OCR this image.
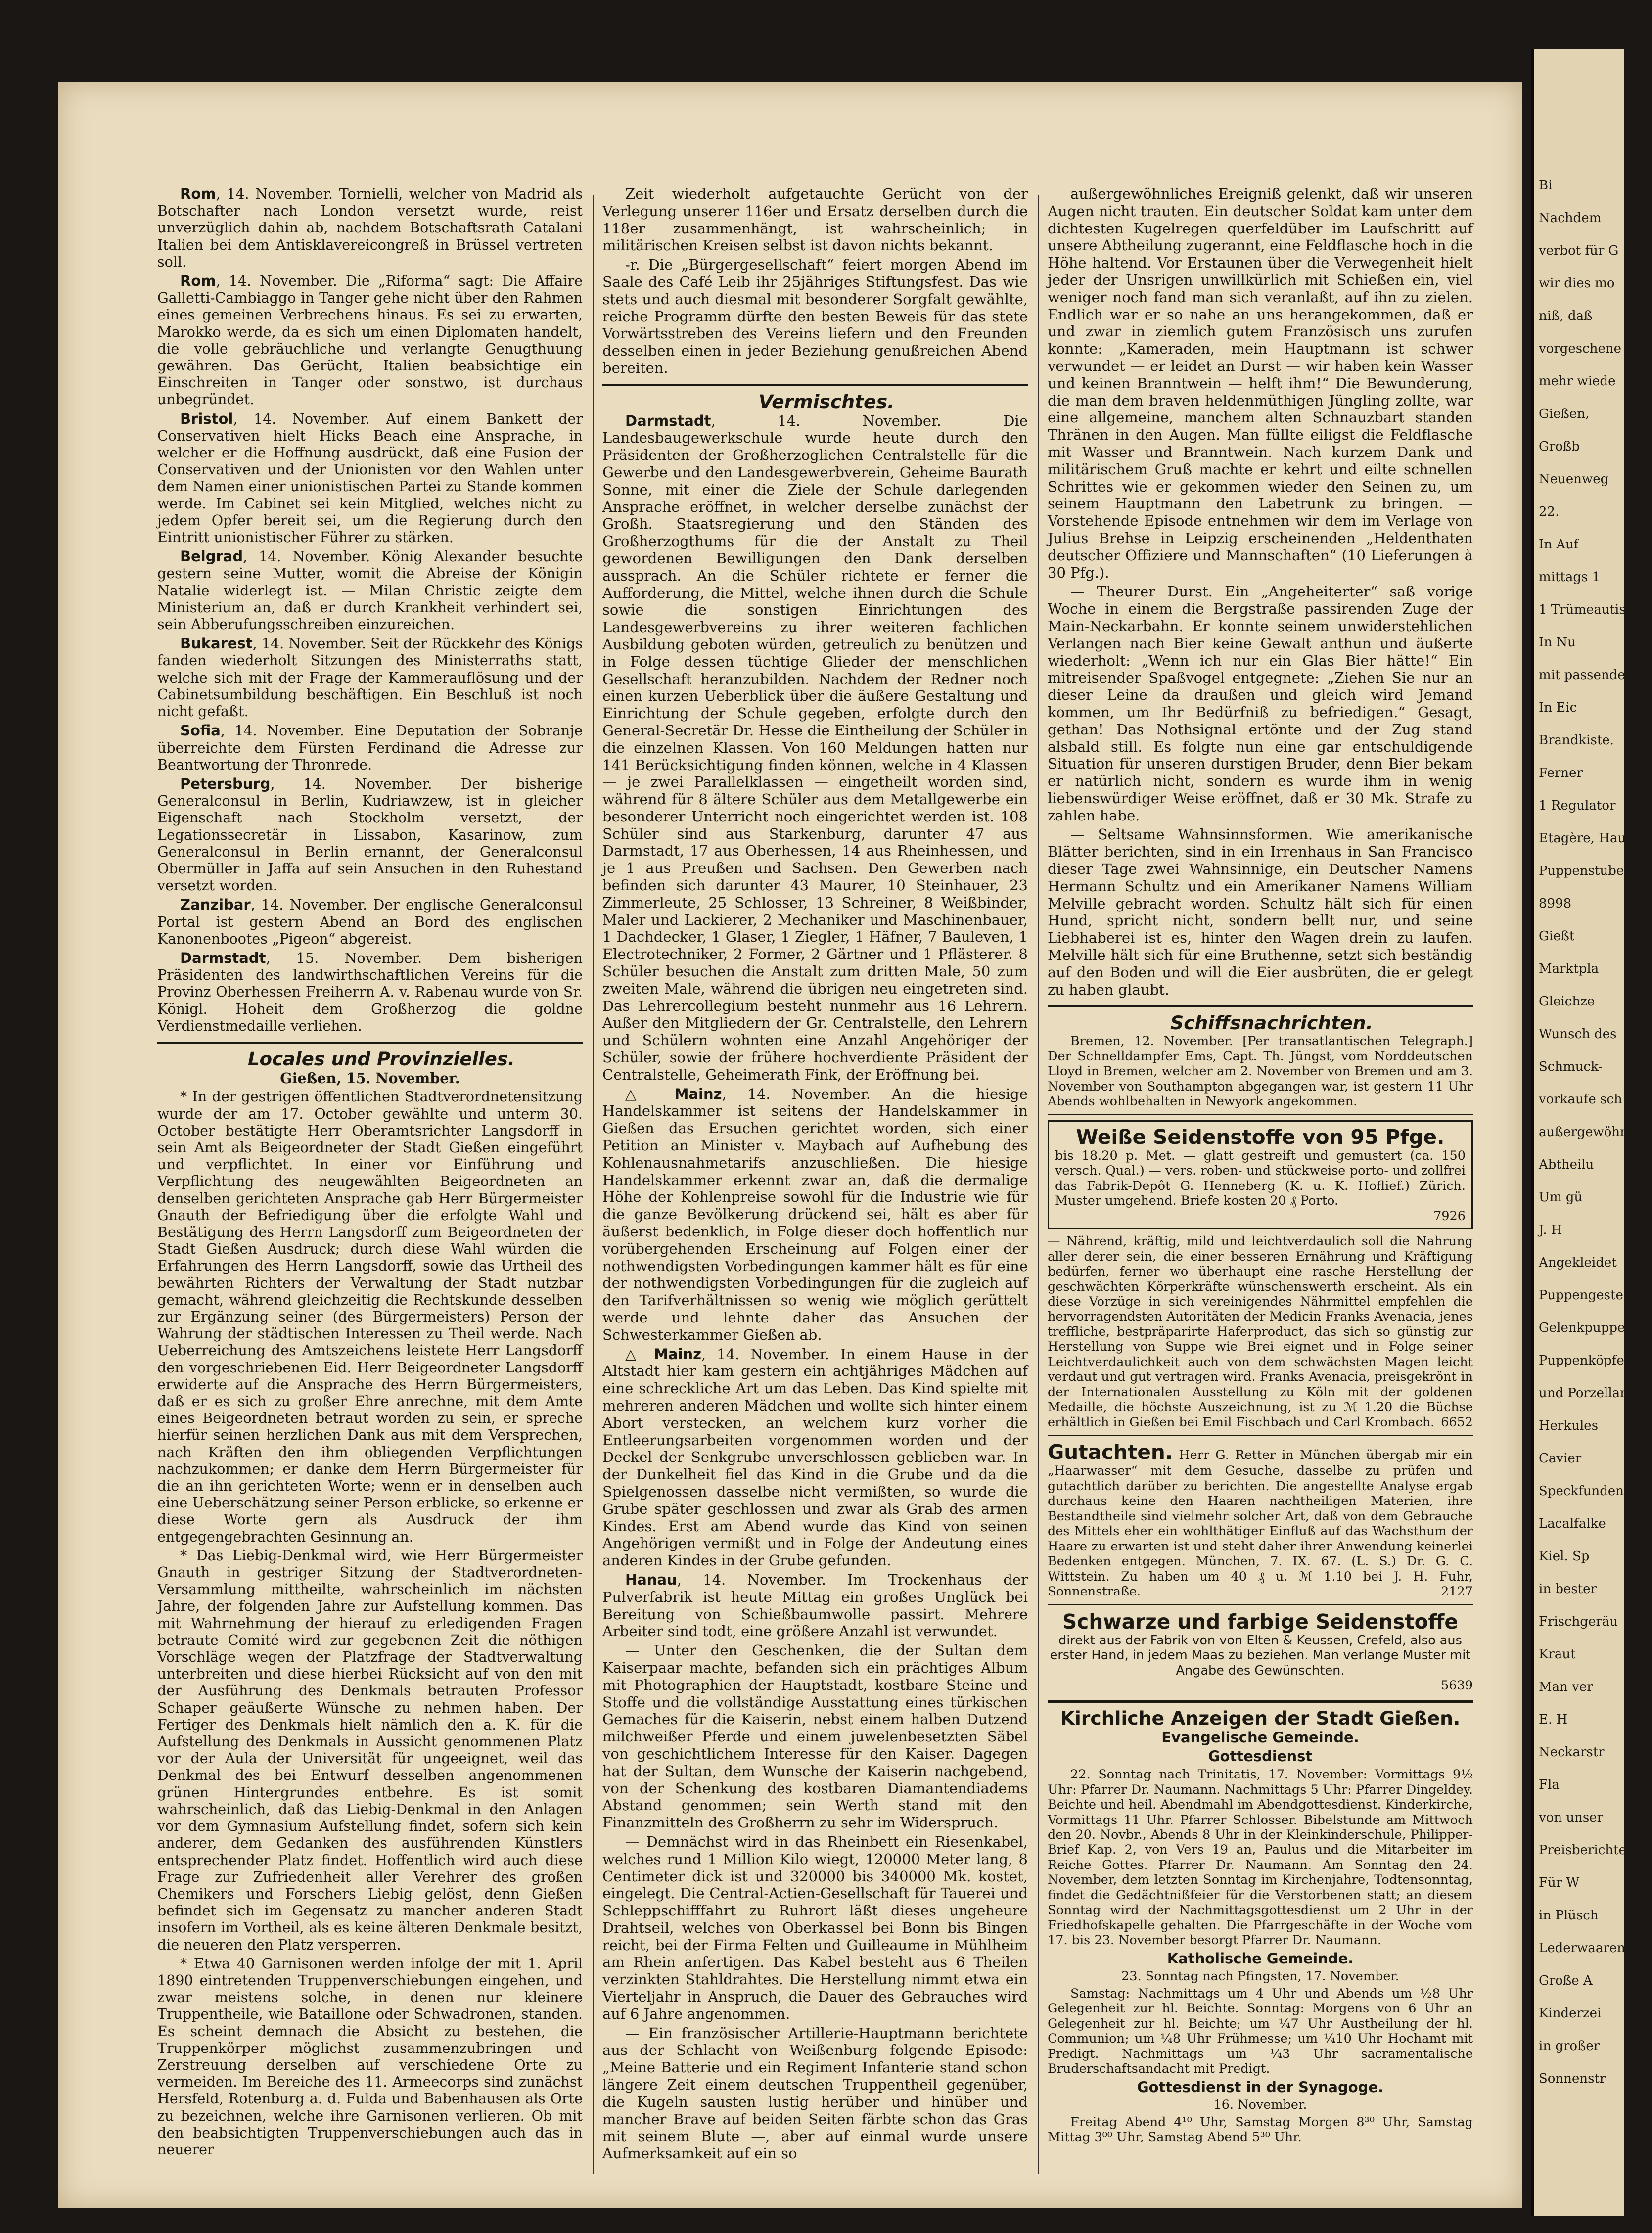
Rom, 14. November. Tornielli, welcher von Madrid als Botschafter nach London versetzt wurde, reist unverzüglich dahin ab, nachdem Botschaftsrath Catalani Italien bei dem Antisklavereicongreß in Brüssel vertreten soll.

Rom, 14. November. Die „Riforma“ sagt: Die Affaire Galletti-Cambiaggo in Tanger gehe nicht über den Rahmen eines gemeinen Verbrechens hinaus. Es sei zu erwarten, Marokko werde, da es sich um einen Diplomaten handelt, die volle gebräuchliche und verlangte Genugthuung gewähren. Das Gerücht, Italien beabsichtige ein Einschreiten in Tanger oder sonstwo, ist durchaus unbegründet.

Bristol, 14. November. Auf einem Bankett der Conservativen hielt Hicks Beach eine Ansprache, in welcher er die Hoffnung ausdrückt, daß eine Fusion der Conservativen und der Unionisten vor den Wahlen unter dem Namen einer unionistischen Partei zu Stande kommen werde. Im Cabinet sei kein Mitglied, welches nicht zu jedem Opfer bereit sei, um die Regierung durch den Eintritt unionistischer Führer zu stärken.

Belgrad, 14. November. König Alexander besuchte gestern seine Mutter, womit die Abreise der Königin Natalie widerlegt ist. — Milan Christic zeigte dem Ministerium an, daß er durch Krankheit verhindert sei, sein Abberufungsschreiben einzureichen.

Bukarest, 14. November. Seit der Rückkehr des Königs fanden wiederholt Sitzungen des Ministerraths statt, welche sich mit der Frage der Kammerauflösung und der Cabinetsumbildung beschäftigen. Ein Beschluß ist noch nicht gefaßt.

Sofia, 14. November. Eine Deputation der Sobranje überreichte dem Fürsten Ferdinand die Adresse zur Beantwortung der Thronrede.

Petersburg, 14. November. Der bisherige Generalconsul in Berlin, Kudriawzew, ist in gleicher Eigenschaft nach Stockholm versetzt, der Legationssecretär in Lissabon, Kasarinow, zum Generalconsul in Berlin ernannt, der Generalconsul Obermüller in Jaffa auf sein Ansuchen in den Ruhestand versetzt worden.

Zanzibar, 14. November. Der englische Generalconsul Portal ist gestern Abend an Bord des englischen Kanonenbootes „Pigeon“ abgereist.

Darmstadt, 15. November. Dem bisherigen Präsidenten des landwirthschaftlichen Vereins für die Provinz Oberhessen Freiherrn A. v. Rabenau wurde von Sr. Königl. Hoheit dem Großherzog die goldne Verdienstmedaille verliehen.

Locales und Provinzielles.

Gießen, 15. November.

* In der gestrigen öffentlichen Stadtverordnetensitzung wurde der am 17. October gewählte und unterm 30. October bestätigte Herr Oberamtsrichter Langsdorff in sein Amt als Beigeordneter der Stadt Gießen eingeführt und verpflichtet. In einer vor Einführung und Verpflichtung des neugewählten Beigeordneten an denselben gerichteten Ansprache gab Herr Bürgermeister Gnauth der Befriedigung über die erfolgte Wahl und Bestätigung des Herrn Langsdorff zum Beigeordneten der Stadt Gießen Ausdruck; durch diese Wahl würden die Erfahrungen des Herrn Langsdorff, sowie das Urtheil des bewährten Richters der Verwaltung der Stadt nutzbar gemacht, während gleichzeitig die Rechtskunde desselben zur Ergänzung seiner (des Bürgermeisters) Person der Wahrung der städtischen Interessen zu Theil werde. Nach Ueberreichung des Amtszeichens leistete Herr Langsdorff den vorgeschriebenen Eid. Herr Beigeordneter Langsdorff erwiderte auf die Ansprache des Herrn Bürgermeisters, daß er es sich zu großer Ehre anrechne, mit dem Amte eines Beigeordneten betraut worden zu sein, er spreche hierfür seinen herzlichen Dank aus mit dem Versprechen, nach Kräften den ihm obliegenden Verpflichtungen nachzukommen; er danke dem Herrn Bürgermeister für die an ihn gerichteten Worte; wenn er in denselben auch eine Ueberschätzung seiner Person erblicke, so erkenne er diese Worte gern als Ausdruck der ihm entgegengebrachten Gesinnung an.

* Das Liebig-Denkmal wird, wie Herr Bürgermeister Gnauth in gestriger Sitzung der Stadtverordneten-Versammlung mittheilte, wahrscheinlich im nächsten Jahre, der folgenden Jahre zur Aufstellung kommen. Das mit Wahrnehmung der hierauf zu erledigenden Fragen betraute Comité wird zur gegebenen Zeit die nöthigen Vorschläge wegen der Platzfrage der Stadtverwaltung unterbreiten und diese hierbei Rücksicht auf von den mit der Ausführung des Denkmals betrauten Professor Schaper geäußerte Wünsche zu nehmen haben. Der Fertiger des Denkmals hielt nämlich den a. K. für die Aufstellung des Denkmals in Aussicht genommenen Platz vor der Aula der Universität für ungeeignet, weil das Denkmal des bei Entwurf desselben angenommenen grünen Hintergrundes entbehre. Es ist somit wahrscheinlich, daß das Liebig-Denkmal in den Anlagen vor dem Gymnasium Aufstellung findet, sofern sich kein anderer, dem Gedanken des ausführenden Künstlers entsprechender Platz findet. Hoffentlich wird auch diese Frage zur Zufriedenheit aller Verehrer des großen Chemikers und Forschers Liebig gelöst, denn Gießen befindet sich im Gegensatz zu mancher anderen Stadt insofern im Vortheil, als es keine älteren Denkmale besitzt, die neueren den Platz versperren.

* Etwa 40 Garnisonen werden infolge der mit 1. April 1890 eintretenden Truppenverschiebungen eingehen, und zwar meistens solche, in denen nur kleinere Truppentheile, wie Bataillone oder Schwadronen, standen. Es scheint demnach die Absicht zu bestehen, die Truppenkörper möglichst zusammenzubringen und Zerstreuung derselben auf verschiedene Orte zu vermeiden. Im Bereiche des 11. Armeecorps sind zunächst Hersfeld, Rotenburg a. d. Fulda und Babenhausen als Orte zu bezeichnen, welche ihre Garnisonen verlieren. Ob mit den beabsichtigten Truppenverschiebungen auch das in neuerer

Zeit wiederholt aufgetauchte Gerücht von der Verlegung unserer 116er und Ersatz derselben durch die 118er zusammenhängt, ist wahrscheinlich; in militärischen Kreisen selbst ist davon nichts bekannt.

-r. Die „Bürgergesellschaft“ feiert morgen Abend im Saale des Café Leib ihr 25jähriges Stiftungsfest. Das wie stets und auch diesmal mit besonderer Sorgfalt gewählte, reiche Programm dürfte den besten Beweis für das stete Vorwärtsstreben des Vereins liefern und den Freunden desselben einen in jeder Beziehung genußreichen Abend bereiten.

Vermischtes.

Darmstadt, 14. November. Die Landesbaugewerkschule wurde heute durch den Präsidenten der Großherzoglichen Centralstelle für die Gewerbe und den Landesgewerbverein, Geheime Baurath Sonne, mit einer die Ziele der Schule darlegenden Ansprache eröffnet, in welcher derselbe zunächst der Großh. Staatsregierung und den Ständen des Großherzogthums für die der Anstalt zu Theil gewordenen Bewilligungen den Dank derselben aussprach. An die Schüler richtete er ferner die Aufforderung, die Mittel, welche ihnen durch die Schule sowie die sonstigen Einrichtungen des Landesgewerbvereins zu ihrer weiteren fachlichen Ausbildung geboten würden, getreulich zu benützen und in Folge dessen tüchtige Glieder der menschlichen Gesellschaft heranzubilden. Nachdem der Redner noch einen kurzen Ueberblick über die äußere Gestaltung und Einrichtung der Schule gegeben, erfolgte durch den General-Secretär Dr. Hesse die Eintheilung der Schüler in die einzelnen Klassen. Von 160 Meldungen hatten nur 141 Berücksichtigung finden können, welche in 4 Klassen — je zwei Parallelklassen — eingetheilt worden sind, während für 8 ältere Schüler aus dem Metallgewerbe ein besonderer Unterricht noch eingerichtet werden ist. 108 Schüler sind aus Starkenburg, darunter 47 aus Darmstadt, 17 aus Oberhessen, 14 aus Rheinhessen, und je 1 aus Preußen und Sachsen. Den Gewerben nach befinden sich darunter 43 Maurer, 10 Steinhauer, 23 Zimmerleute, 25 Schlosser, 13 Schreiner, 8 Weißbinder, Maler und Lackierer, 2 Mechaniker und Maschinenbauer, 1 Dachdecker, 1 Glaser, 1 Ziegler, 1 Häfner, 7 Bauleven, 1 Electrotechniker, 2 Former, 2 Gärtner und 1 Pflästerer. 8 Schüler besuchen die Anstalt zum dritten Male, 50 zum zweiten Male, während die übrigen neu eingetreten sind. Das Lehrercollegium besteht nunmehr aus 16 Lehrern. Außer den Mitgliedern der Gr. Centralstelle, den Lehrern und Schülern wohnten eine Anzahl Angehöriger der Schüler, sowie der frühere hochverdiente Präsident der Centralstelle, Geheimerath Fink, der Eröffnung bei.

△ Mainz, 14. November. An die hiesige Handelskammer ist seitens der Handelskammer in Gießen das Ersuchen gerichtet worden, sich einer Petition an Minister v. Maybach auf Aufhebung des Kohlenausnahmetarifs anzuschließen. Die hiesige Handelskammer erkennt zwar an, daß die dermalige Höhe der Kohlenpreise sowohl für die Industrie wie für die ganze Bevölkerung drückend sei, hält es aber für äußerst bedenklich, in Folge dieser doch hoffentlich nur vorübergehenden Erscheinung auf Folgen einer der nothwendigsten Vorbedingungen kammer hält es für eine der nothwendigsten Vorbedingungen für die zugleich auf den Tarifverhältnissen so wenig wie möglich gerüttelt werde und lehnte daher das Ansuchen der Schwesterkammer Gießen ab.

△ Mainz, 14. November. In einem Hause in der Altstadt hier kam gestern ein achtjähriges Mädchen auf eine schreckliche Art um das Leben. Das Kind spielte mit mehreren anderen Mädchen und wollte sich hinter einem Abort verstecken, an welchem kurz vorher die Entleerungsarbeiten vorgenommen worden und der Deckel der Senkgrube unverschlossen geblieben war. In der Dunkelheit fiel das Kind in die Grube und da die Spielgenossen dasselbe nicht vermißten, so wurde die Grube später geschlossen und zwar als Grab des armen Kindes. Erst am Abend wurde das Kind von seinen Angehörigen vermißt und in Folge der Andeutung eines anderen Kindes in der Grube gefunden.

Hanau, 14. November. Im Trockenhaus der Pulverfabrik ist heute Mittag ein großes Unglück bei Bereitung von Schießbaumwolle passirt. Mehrere Arbeiter sind todt, eine größere Anzahl ist verwundet.

— Unter den Geschenken, die der Sultan dem Kaiserpaar machte, befanden sich ein prächtiges Album mit Photographien der Hauptstadt, kostbare Steine und Stoffe und die vollständige Ausstattung eines türkischen Gemaches für die Kaiserin, nebst einem halben Dutzend milchweißer Pferde und einem juwelenbesetzten Säbel von geschichtlichem Interesse für den Kaiser. Dagegen hat der Sultan, dem Wunsche der Kaiserin nachgebend, von der Schenkung des kostbaren Diamantendiadems Abstand genommen; sein Werth stand mit den Finanzmitteln des Großherrn zu sehr im Widerspruch.

— Demnächst wird in das Rheinbett ein Riesenkabel, welches rund 1 Million Kilo wiegt, 120000 Meter lang, 8 Centimeter dick ist und 320000 bis 340000 Mk. kostet, eingelegt. Die Central-Actien-Gesellschaft für Tauerei und Schleppschifffahrt zu Ruhrort läßt dieses ungeheure Drahtseil, welches von Oberkassel bei Bonn bis Bingen reicht, bei der Firma Felten und Guilleaume in Mühlheim am Rhein anfertigen. Das Kabel besteht aus 6 Theilen verzinkten Stahldrahtes. Die Herstellung nimmt etwa ein Vierteljahr in Anspruch, die Dauer des Gebrauches wird auf 6 Jahre angenommen.

— Ein französischer Artillerie-Hauptmann berichtete aus der Schlacht von Weißenburg folgende Episode: „Meine Batterie und ein Regiment Infanterie stand schon längere Zeit einem deutschen Truppentheil gegenüber, die Kugeln sausten lustig herüber und hinüber und mancher Brave auf beiden Seiten färbte schon das Gras mit seinem Blute —, aber auf einmal wurde unsere Aufmerksamkeit auf ein so

außergewöhnliches Ereigniß gelenkt, daß wir unseren Augen nicht trauten. Ein deutscher Soldat kam unter dem dichtesten Kugelregen querfeldüber im Laufschritt auf unsere Abtheilung zugerannt, eine Feldflasche hoch in die Höhe haltend. Vor Erstaunen über die Verwegenheit hielt jeder der Unsrigen unwillkürlich mit Schießen ein, viel weniger noch fand man sich veranlaßt, auf ihn zu zielen. Endlich war er so nahe an uns herangekommen, daß er und zwar in ziemlich gutem Französisch uns zurufen konnte: „Kameraden, mein Hauptmann ist schwer verwundet — er leidet an Durst — wir haben kein Wasser und keinen Branntwein — helft ihm!“ Die Bewunderung, die man dem braven heldenmüthigen Jüngling zollte, war eine allgemeine, manchem alten Schnauzbart standen Thränen in den Augen. Man füllte eiligst die Feldflasche mit Wasser und Branntwein. Nach kurzem Dank und militärischem Gruß machte er kehrt und eilte schnellen Schrittes wie er gekommen wieder den Seinen zu, um seinem Hauptmann den Labetrunk zu bringen. — Vorstehende Episode entnehmen wir dem im Verlage von Julius Brehse in Leipzig erscheinenden „Heldenthaten deutscher Offiziere und Mannschaften“ (10 Lieferungen à 30 Pfg.).

— Theurer Durst. Ein „Angeheiterter“ saß vorige Woche in einem die Bergstraße passirenden Zuge der Main-Neckarbahn. Er konnte seinem unwiderstehlichen Verlangen nach Bier keine Gewalt anthun und äußerte wiederholt: „Wenn ich nur ein Glas Bier hätte!“ Ein mitreisender Spaßvogel entgegnete: „Ziehen Sie nur an dieser Leine da draußen und gleich wird Jemand kommen, um Ihr Bedürfniß zu befriedigen.“ Gesagt, gethan! Das Nothsignal ertönte und der Zug stand alsbald still. Es folgte nun eine gar entschuldigende Situation für unseren durstigen Bruder, denn Bier bekam er natürlich nicht, sondern es wurde ihm in wenig liebenswürdiger Weise eröffnet, daß er 30 Mk. Strafe zu zahlen habe.

— Seltsame Wahnsinnsformen. Wie amerikanische Blätter berichten, sind in ein Irrenhaus in San Francisco dieser Tage zwei Wahnsinnige, ein Deutscher Namens Hermann Schultz und ein Amerikaner Namens William Melville gebracht worden. Schultz hält sich für einen Hund, spricht nicht, sondern bellt nur, und seine Liebhaberei ist es, hinter den Wagen drein zu laufen. Melville hält sich für eine Bruthenne, setzt sich beständig auf den Boden und will die Eier ausbrüten, die er gelegt zu haben glaubt.

Schiffsnachrichten.

Bremen, 12. November. [Per transatlantischen Telegraph.] Der Schnelldampfer Ems, Capt. Th. Jüngst, vom Norddeutschen Lloyd in Bremen, welcher am 2. November von Bremen und am 3. November von Southampton abgegangen war, ist gestern 11 Uhr Abends wohlbehalten in Newyork angekommen.

Weiße Seidenstoffe von 95 Pfge.
bis 18.20 p. Met. — glatt gestreift und gemustert (ca. 150 versch. Qual.) — vers. roben- und stückweise porto- und zollfrei das Fabrik-Depôt G. Henneberg (K. u. K. Hoflief.) Zürich. Muster umgehend. Briefe kosten 20 ₰ Porto.
7926
— Nährend, kräftig, mild und leichtverdaulich soll die Nahrung aller derer sein, die einer besseren Ernährung und Kräftigung bedürfen, ferner wo überhaupt eine rasche Herstellung der geschwächten Körperkräfte wünschenswerth erscheint. Als ein diese Vorzüge in sich vereinigendes Nährmittel empfehlen die hervorragendsten Autoritäten der Medicin Franks Avenacia, jenes treffliche, bestpräparirte Haferproduct, das sich so günstig zur Herstellung von Suppe wie Brei eignet und in Folge seiner Leichtverdaulichkeit auch von dem schwächsten Magen leicht verdaut und gut vertragen wird. Franks Avenacia, preisgekrönt in der Internationalen Ausstellung zu Köln mit der goldenen Medaille, die höchste Auszeichnung, ist zu ℳ 1.20 die Büchse erhältlich in Gießen bei Emil Fischbach und Carl Krombach. 6652
Gutachten. Herr G. Retter in München übergab mir ein „Haarwasser“ mit dem Gesuche, dasselbe zu prüfen und gutachtlich darüber zu berichten. Die angestellte Analyse ergab durchaus keine den Haaren nachtheiligen Materien, ihre Bestandtheile sind vielmehr solcher Art, daß von dem Gebrauche des Mittels eher ein wohlthätiger Einfluß auf das Wachsthum der Haare zu erwarten ist und steht daher ihrer Anwendung keinerlei Bedenken entgegen. München, 7. IX. 67. (L. S.) Dr. G. C. Wittstein. Zu haben um 40 ₰ u. ℳ 1.10 bei J. H. Fuhr, Sonnenstraße.	2127
Schwarze und farbige Seidenstoffe
direkt aus der Fabrik von von Elten & Keussen, Crefeld, also aus erster Hand, in jedem Maas zu beziehen. Man verlange Muster mit Angabe des Gewünschten.
5639

Kirchliche Anzeigen der Stadt Gießen.

Evangelische Gemeinde.

Gottesdienst

22. Sonntag nach Trinitatis, 17. November: Vormittags 9½ Uhr: Pfarrer Dr. Naumann. Nachmittags 5 Uhr: Pfarrer Dingeldey. Beichte und heil. Abendmahl im Abendgottesdienst. Kinderkirche, Vormittags 11 Uhr. Pfarrer Schlosser. Bibelstunde am Mittwoch den 20. Novbr., Abends 8 Uhr in der Kleinkinderschule, Philipper-Brief Kap. 2, von Vers 19 an, Paulus und die Mitarbeiter im Reiche Gottes. Pfarrer Dr. Naumann. Am Sonntag den 24. November, dem letzten Sonntag im Kirchenjahre, Todtensonntag, findet die Gedächtnißfeier für die Verstorbenen statt; an diesem Sonntag wird der Nachmittagsgottesdienst um 2 Uhr in der Friedhofskapelle gehalten. Die Pfarrgeschäfte in der Woche vom 17. bis 23. November besorgt Pfarrer Dr. Naumann.

Katholische Gemeinde.

23. Sonntag nach Pfingsten, 17. November.

Samstag: Nachmittags um 4 Uhr und Abends um ½8 Uhr Gelegenheit zur hl. Beichte. Sonntag: Morgens von 6 Uhr an Gelegenheit zur hl. Beichte; um ¼7 Uhr Austheilung der hl. Communion; um ¼8 Uhr Frühmesse; um ¼10 Uhr Hochamt mit Predigt. Nachmittags um ¼3 Uhr sacramentalische Bruderschaftsandacht mit Predigt.

Gottesdienst in der Synagoge.

16. November.

Freitag Abend 4¹⁰ Uhr, Samstag Morgen 8³⁰ Uhr, Samstag Mittag 3⁰⁰ Uhr, Samstag Abend 5³⁰ Uhr.

Bi
Nachdem
verbot für G
wir dies mo
niß, daß
vorgeschene
mehr wiede
Gießen,
Großb
Neuenweg
22.
In Auf
mittags 1
1 Trümeautisch
In Nu
mit passenden Tr
In Eic
Brandkiste.
Ferner
1 Regulator
Etagère, Haus
Puppenstube, Po
8998
Gießt
Marktpla
Gleichze
Wunsch des
Schmuck-
vorkaufe sch
außergewöhnl
Abtheilu
Um gü
J. H
Angekleidet
Puppengeste
Gelenkpuppe
Puppenköpfe
und Porzellan,
Herkules
Cavier
Speckfunden
Lacalfalke
Kiel. Sp
in bester
Frischgeräu
Kraut
Man ver
E. H
Neckarstr
Fla
von unser
Preisberichte
Für W
in Plüsch
Lederwaaren
Große A
Kinderzei
in großer
Sonnenstr
